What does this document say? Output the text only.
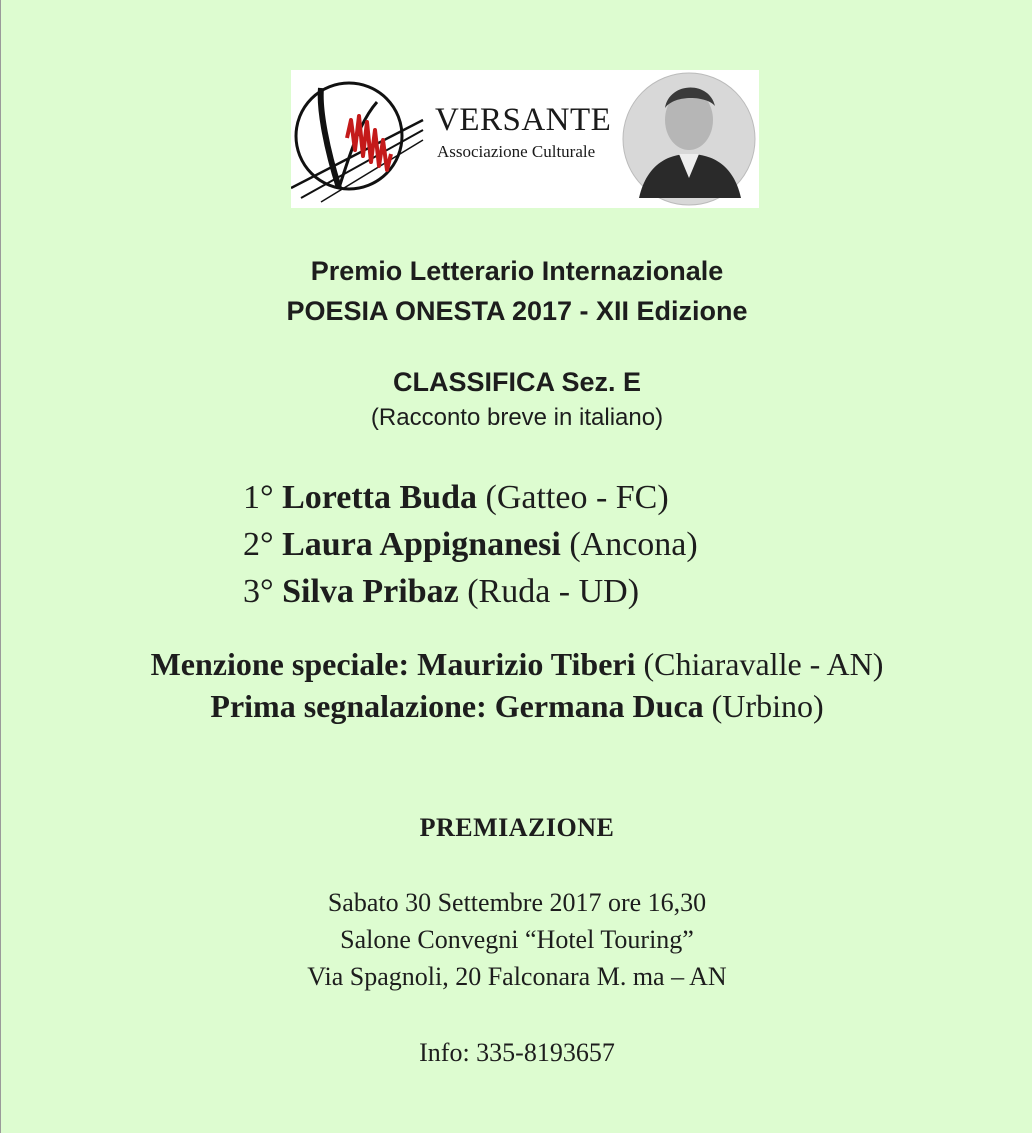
VERSANTE
Associazione Culturale
Premio Letterario Internazionale
POESIA ONESTA 2017 - XII Edizione
CLASSIFICA Sez. E
(Racconto breve in italiano)
1° Loretta Buda (Gatteo - FC)
2° Laura Appignanesi (Ancona)
3° Silva Pribaz (Ruda - UD)
Menzione speciale: Maurizio Tiberi (Chiaravalle - AN)
Prima segnalazione: Germana Duca (Urbino)
PREMIAZIONE
Sabato 30 Settembre 2017 ore 16,30
Salone Convegni “Hotel Touring”
Via Spagnoli, 20 Falconara M. ma – AN
Info: 335-8193657
